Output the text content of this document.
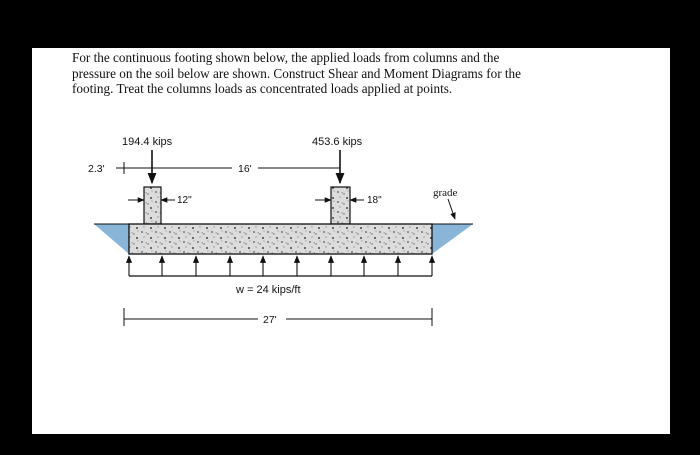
For the continuous footing shown below, the applied loads from columns and the
pressure on the soil below are shown. Construct Shear and Moment Diagrams for the
footing. Treat the columns loads as concentrated loads applied at points.

194.4 kips	453.6 kips
2.3'	16'
12"	18"
grade
w = 24 kips/ft
27'
